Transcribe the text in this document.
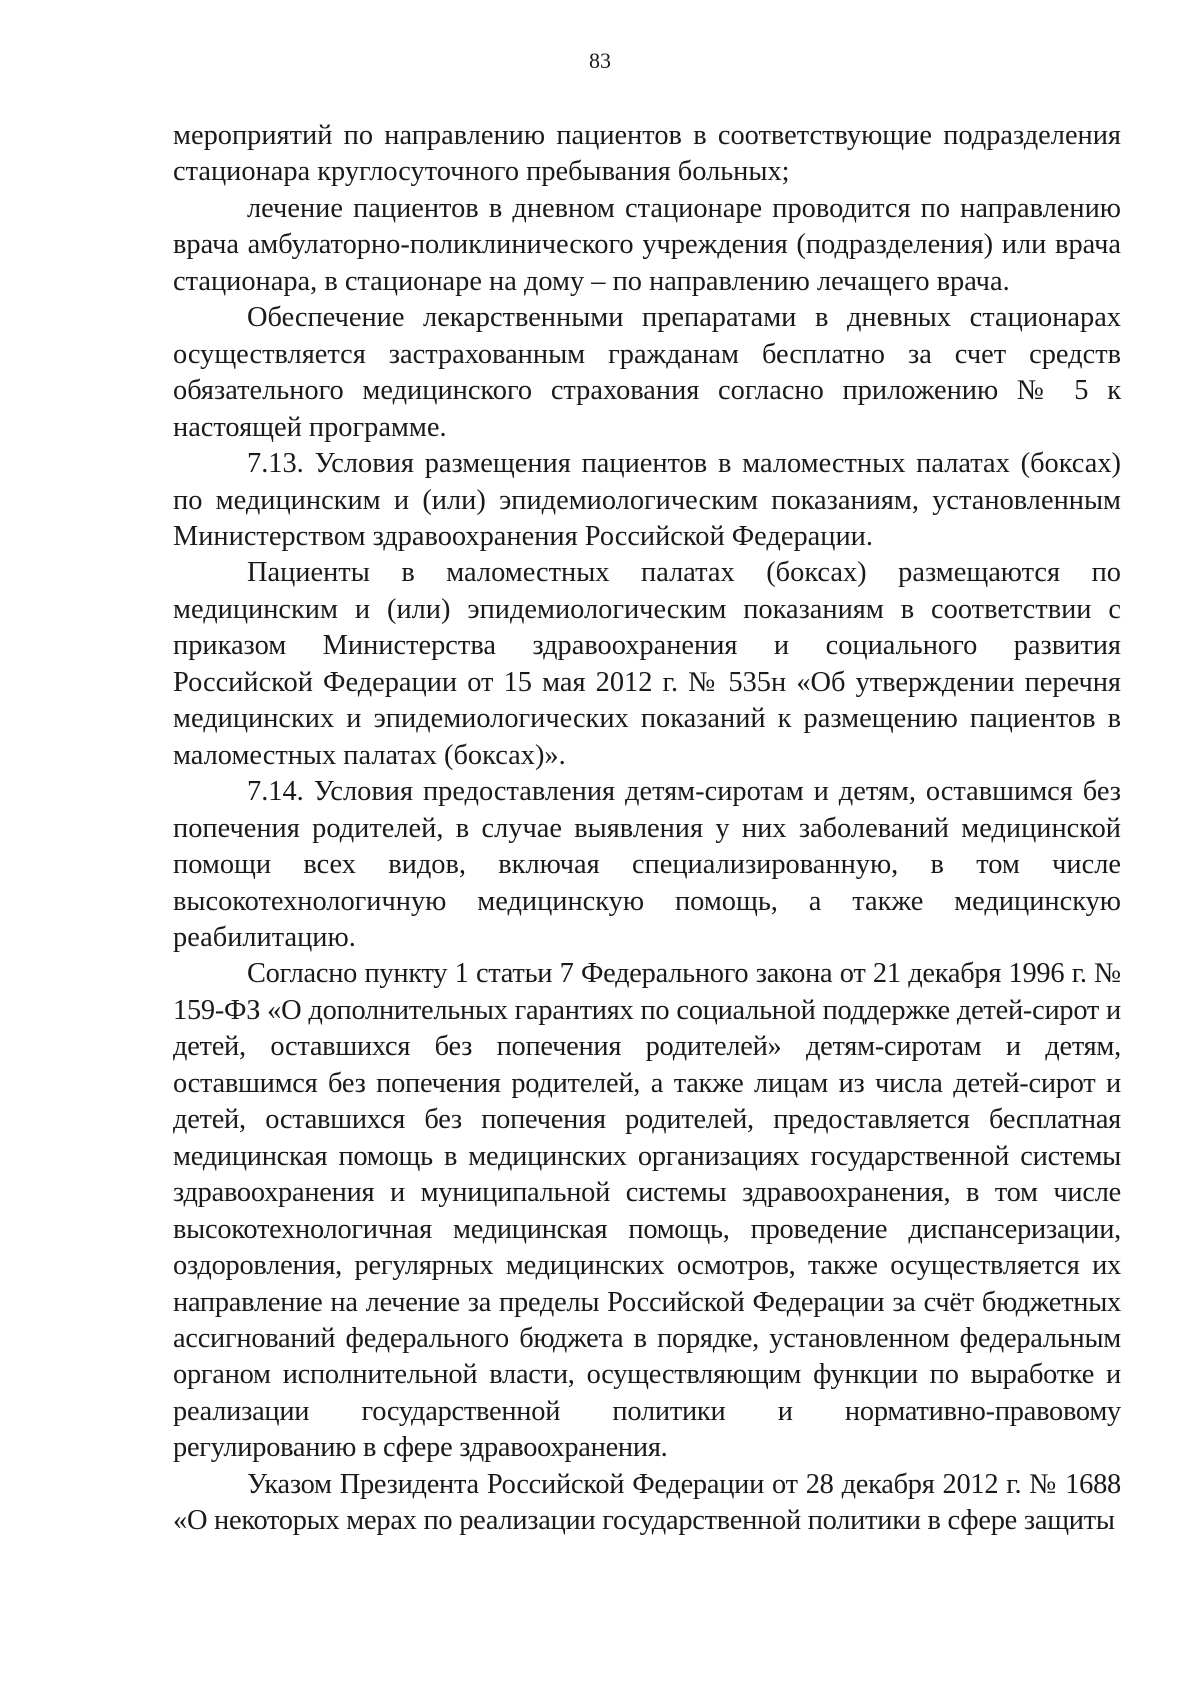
83

мероприятий по направлению пациентов в соответствующие подразделения стационара круглосуточного пребывания больных;

лечение пациентов в дневном стационаре проводится по направлению врача амбулаторно-поликлинического учреждения (подразделения) или врача стационара, в стационаре на дому – по направлению лечащего врача.

Обеспечение лекарственными препаратами в дневных стационарах осуществляется застрахованным гражданам бесплатно за счет средств обязательного медицинского страхования согласно приложению № 5 к настоящей программе.

7.13. Условия размещения пациентов в маломестных палатах (боксах) по медицинским и (или) эпидемиологическим показаниям, установленным Министерством здравоохранения Российской Федерации.

Пациенты в маломестных палатах (боксах) размещаются по медицинским и (или) эпидемиологическим показаниям в соответствии с приказом Министерства здравоохранения и социального развития Российской Федерации от 15 мая 2012 г. № 535н «Об утверждении перечня медицинских и эпидемиологических показаний к размещению пациентов в маломестных палатах (боксах)».

7.14. Условия предоставления детям-сиротам и детям, оставшимся без попечения родителей, в случае выявления у них заболеваний медицинской помощи всех видов, включая специализированную, в том числе высокотехнологичную медицинскую помощь, а также медицинскую реабилитацию.

Согласно пункту 1 статьи 7 Федерального закона от 21 декабря 1996 г. № 159-ФЗ «О дополнительных гарантиях по социальной поддержке детей-сирот и детей, оставшихся без попечения родителей» детям-сиротам и детям, оставшимся без попечения родителей, а также лицам из числа детей-сирот и детей, оставшихся без попечения родителей, предоставляется бесплатная медицинская помощь в медицинских организациях государственной системы здравоохранения и муниципальной системы здравоохранения, в том числе высокотехнологичная медицинская помощь, проведение диспансеризации, оздоровления, регулярных медицинских осмотров, также осуществляется их направление на лечение за пределы Российской Федерации за счёт бюджетных ассигнований федерального бюджета в порядке, установленном федеральным органом исполнительной власти, осуществляющим функции по выработке и реализации государственной политики и нормативно-правовому регулированию в сфере здравоохранения.

Указом Президента Российской Федерации от 28 декабря 2012 г. № 1688 «О некоторых мерах по реализации государственной политики в сфере защиты
